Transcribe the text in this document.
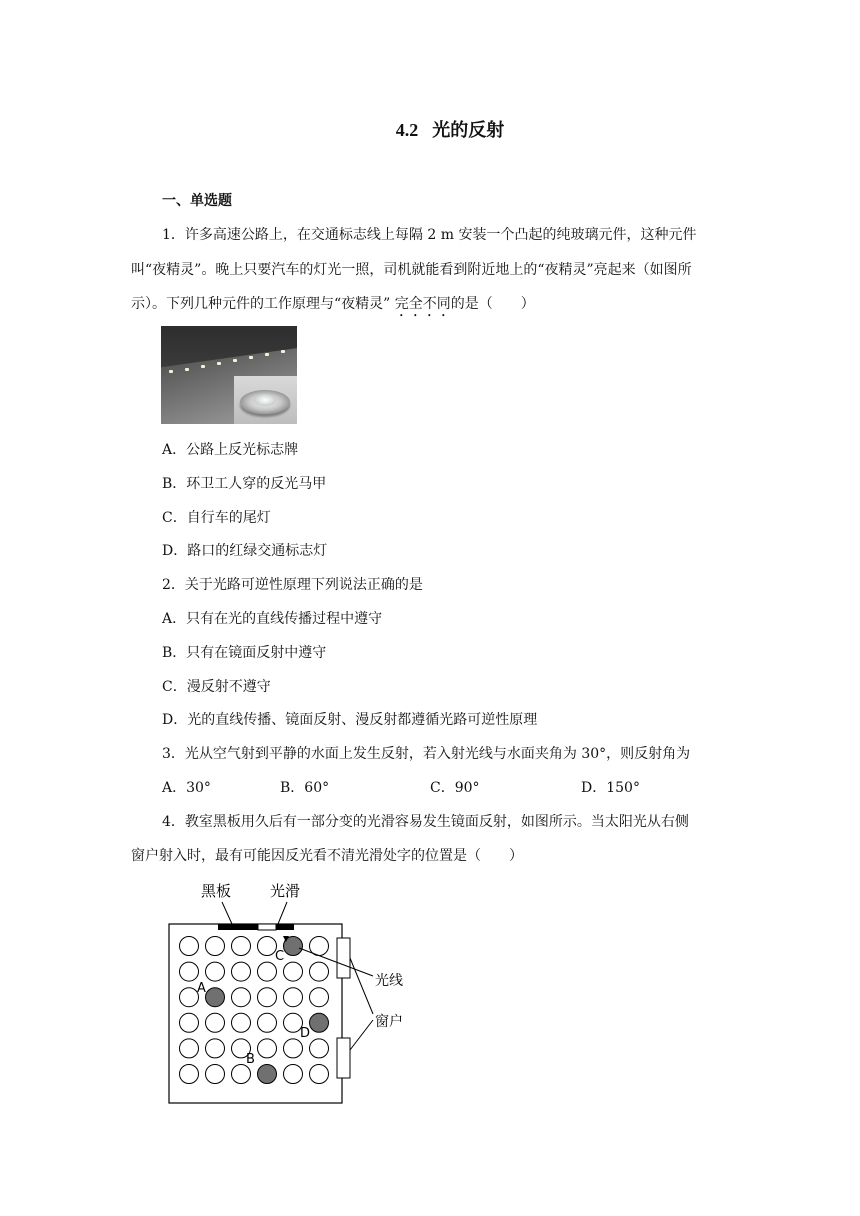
4.2 光的反射
一、单选题
1．许多高速公路上，在交通标志线上每隔 2 m 安装一个凸起的纯玻璃元件，这种元件
叫“夜精灵”。晚上只要汽车的灯光一照，司机就能看到附近地上的“夜精灵”亮起来（如图所
示）。下列几种元件的工作原理与“夜精灵” 完全不同的是（　　）
A．公路上反光标志牌
B．环卫工人穿的反光马甲
C．自行车的尾灯
D．路口的红绿交通标志灯
2．关于光路可逆性原理下列说法正确的是
A．只有在光的直线传播过程中遵守
B．只有在镜面反射中遵守
C．漫反射不遵守
D．光的直线传播、镜面反射、漫反射都遵循光路可逆性原理
3．光从空气射到平静的水面上发生反射，若入射光线与水面夹角为 30°，则反射角为
A．30°	B．60°	C．90°	D．150°
4．教室黑板用久后有一部分变的光滑容易发生镜面反射，如图所示。当太阳光从右侧
窗户射入时，最有可能因反光看不清光滑处字的位置是（　　）
黑板	光滑
光线
窗户
A
B
C
D
